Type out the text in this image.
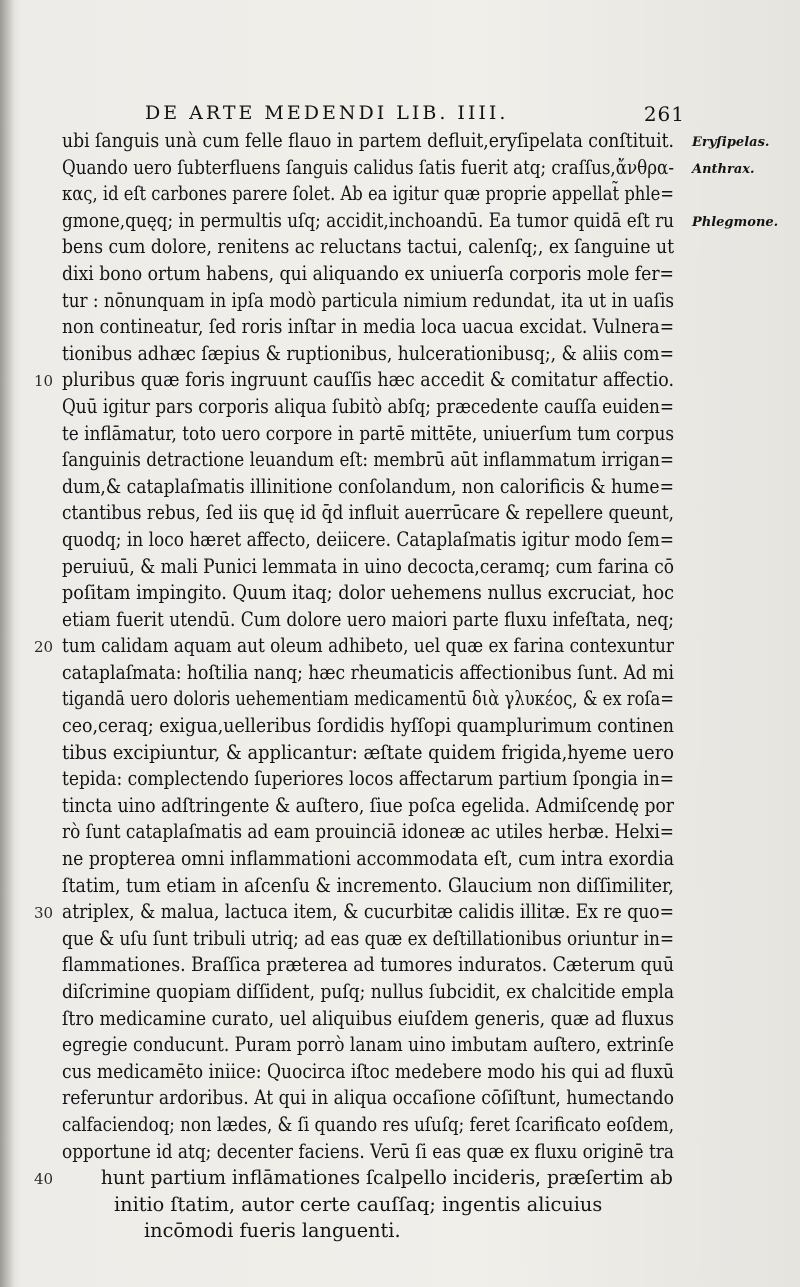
DE ARTE MEDENDI LIB. IIII.	261
ubi ſanguis unà cum felle flauo in partem defluit,eryſipelata conſtituit. Eryſipelas.
Quando uero ſubterfluens ſanguis calidus ſatis fuerit atq; craſſus,ἄνθρα- Anthrax.
κας, id eſt carbones parere ſolet. Ab ea igitur quæ proprie appellat̃ phle=
gmone,quęq; in permultis uſq; accidit,inchoandū. Ea tumor quidā eſt ru Phlegmone.
bens cum dolore, renitens ac reluctans tactui, calenſq;, ex ſanguine ut
dixi bono ortum habens, qui aliquando ex uniuerſa corporis mole fer=
tur : nōnunquam in ipſa modò particula nimium redundat, ita ut in uaſis
non contineatur, ſed roris inſtar in media loca uacua excidat. Vulnera=
tionibus adhæc ſæpius & ruptionibus, hulcerationibusq;, & aliis com=
pluribus quæ foris ingruunt cauſſis hæc accedit & comitatur affectio.
10
Quū igitur pars corporis aliqua ſubitò abſq; præcedente cauſſa euiden=
te inflāmatur, toto uero corpore in partē mittēte, uniuerſum tum corpus
ſanguinis detractione leuandum eſt: membrū aūt inflammatum irrigan=
dum,& cataplaſmatis illinitione conſolandum, non calorificis & hume=
ctantibus rebus, ſed iis quę id q̄d influit auerrūcare & repellere queunt,
quodq; in loco hæret affecto, deiicere. Cataplaſmatis igitur modo ſem=
peruiuū, & mali Punici lemmata in uino decocta,ceramq; cum farina cō
poſitam impingito. Quum itaq; dolor uehemens nullus excruciat, hoc
etiam fuerit utendū. Cum dolore uero maiori parte fluxu infeſtata, neq;
tum calidam aquam aut oleum adhibeto, uel quæ ex farina contexuntur
20
cataplaſmata: hoſtilia nanq; hæc rheumaticis affectionibus ſunt. Ad mi
tigandā uero doloris uehementiam medicamentū διὰ γλυκέος, & ex roſa=
ceo,ceraq; exigua,uelleribus ſordidis hyſſopi quamplurimum continen
tibus excipiuntur, & applicantur: æſtate quidem frigida,hyeme uero
tepida: complectendo ſuperiores locos affectarum partium ſpongia in=
tincta uino adſtringente & auſtero, ſiue poſca egelida. Admiſcendę por
rò ſunt cataplaſmatis ad eam prouinciā idoneæ ac utiles herbæ. Helxi=
ne propterea omni inflammationi accommodata eſt, cum intra exordia
ſtatim, tum etiam in aſcenſu & incremento. Glaucium non diſſimiliter,
atriplex, & malua, lactuca item, & cucurbitæ calidis illitæ. Ex re quo=
30
que & uſu ſunt tribuli utriq; ad eas quæ ex deſtillationibus oriuntur in=
flammationes. Braſſica præterea ad tumores induratos. Cæterum quū
diſcrimine quopiam diſſident, puſq; nullus ſubcidit, ex chalcitide empla
ſtro medicamine curato, uel aliquibus eiuſdem generis, quæ ad fluxus
egregie conducunt. Puram porrò lanam uino imbutam auſtero, extrinſe
cus medicamēto iniice: Quocirca iſtoc medebere modo his qui ad fluxū
referuntur ardoribus. At qui in aliqua occaſione cōſiſtunt, humectando
calfaciendoq; non lædes, & ſi quando res uſuſq; feret ſcarificato eoſdem,
opportune id atq; decenter faciens. Verū ſi eas quæ ex fluxu originē tra
hunt partium inflāmationes ſcalpello inciderіs, præſertim ab
40
initio ſtatim, autor certe cauſſaq; ingentis alicuius
incōmodi fueris languenti.
